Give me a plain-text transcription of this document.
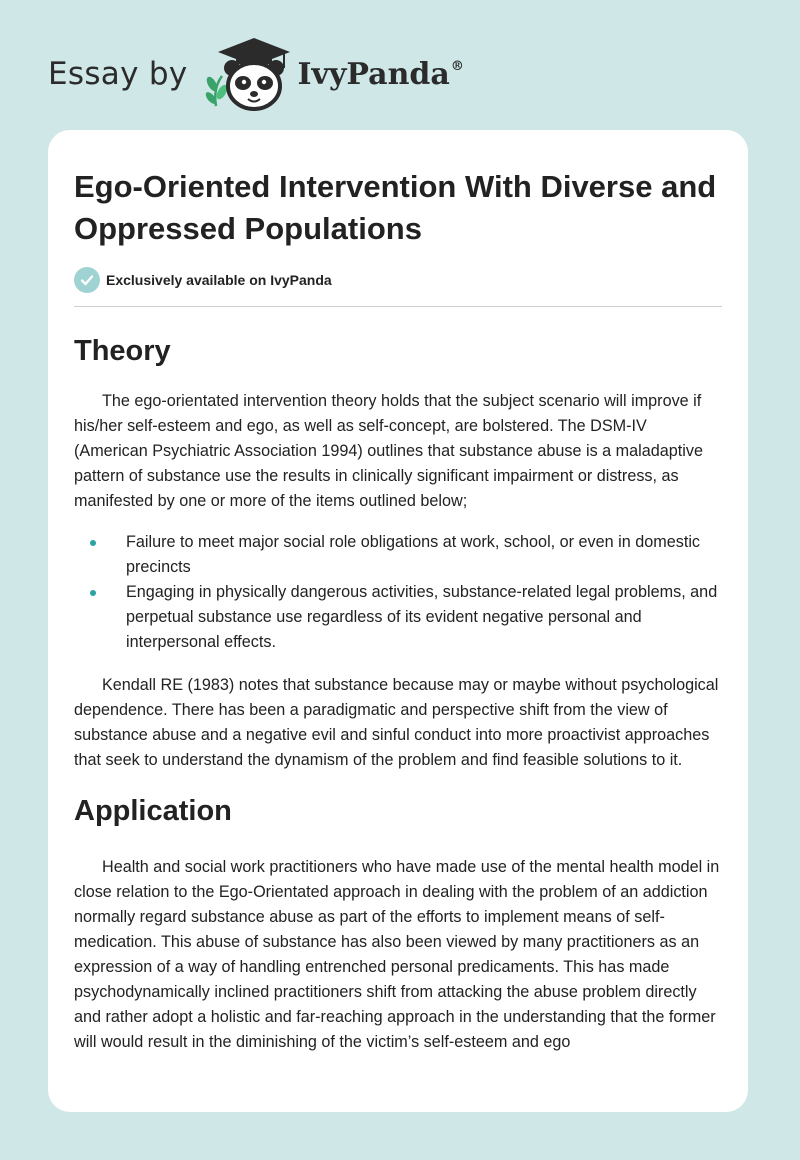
Essay by	IvyPanda®
Ego-Oriented Intervention With Diverse and Oppressed Populations
Exclusively available on IvyPanda
Theory

The ego-orientated intervention theory holds that the subject scenario will improve if his/her self-esteem and ego, as well as self-concept, are bolstered. The DSM-IV (American Psychiatric Association 1994) outlines that substance abuse is a maladaptive pattern of substance use the results in clinically significant impairment or distress, as manifested by one or more of the items outlined below;

Failure to meet major social role obligations at work, school, or even in domestic precincts
Engaging in physically dangerous activities, substance-related legal problems, and perpetual substance use regardless of its evident negative personal and interpersonal effects.

Kendall RE (1983) notes that substance because may or maybe without psychological dependence. There has been a paradigmatic and perspective shift from the view of substance abuse and a negative evil and sinful conduct into more proactivist approaches that seek to understand the dynamism of the problem and find feasible solutions to it.

Application

Health and social work practitioners who have made use of the mental health model in close relation to the Ego-Orientated approach in dealing with the problem of an addiction normally regard substance abuse as part of the efforts to implement means of self-medication. This abuse of substance has also been viewed by many practitioners as an expression of a way of handling entrenched personal predicaments. This has made psychodynamically inclined practitioners shift from attacking the abuse problem directly and rather adopt a holistic and far-reaching approach in the understanding that the former will would result in the diminishing of the victim’s self-esteem and ego
